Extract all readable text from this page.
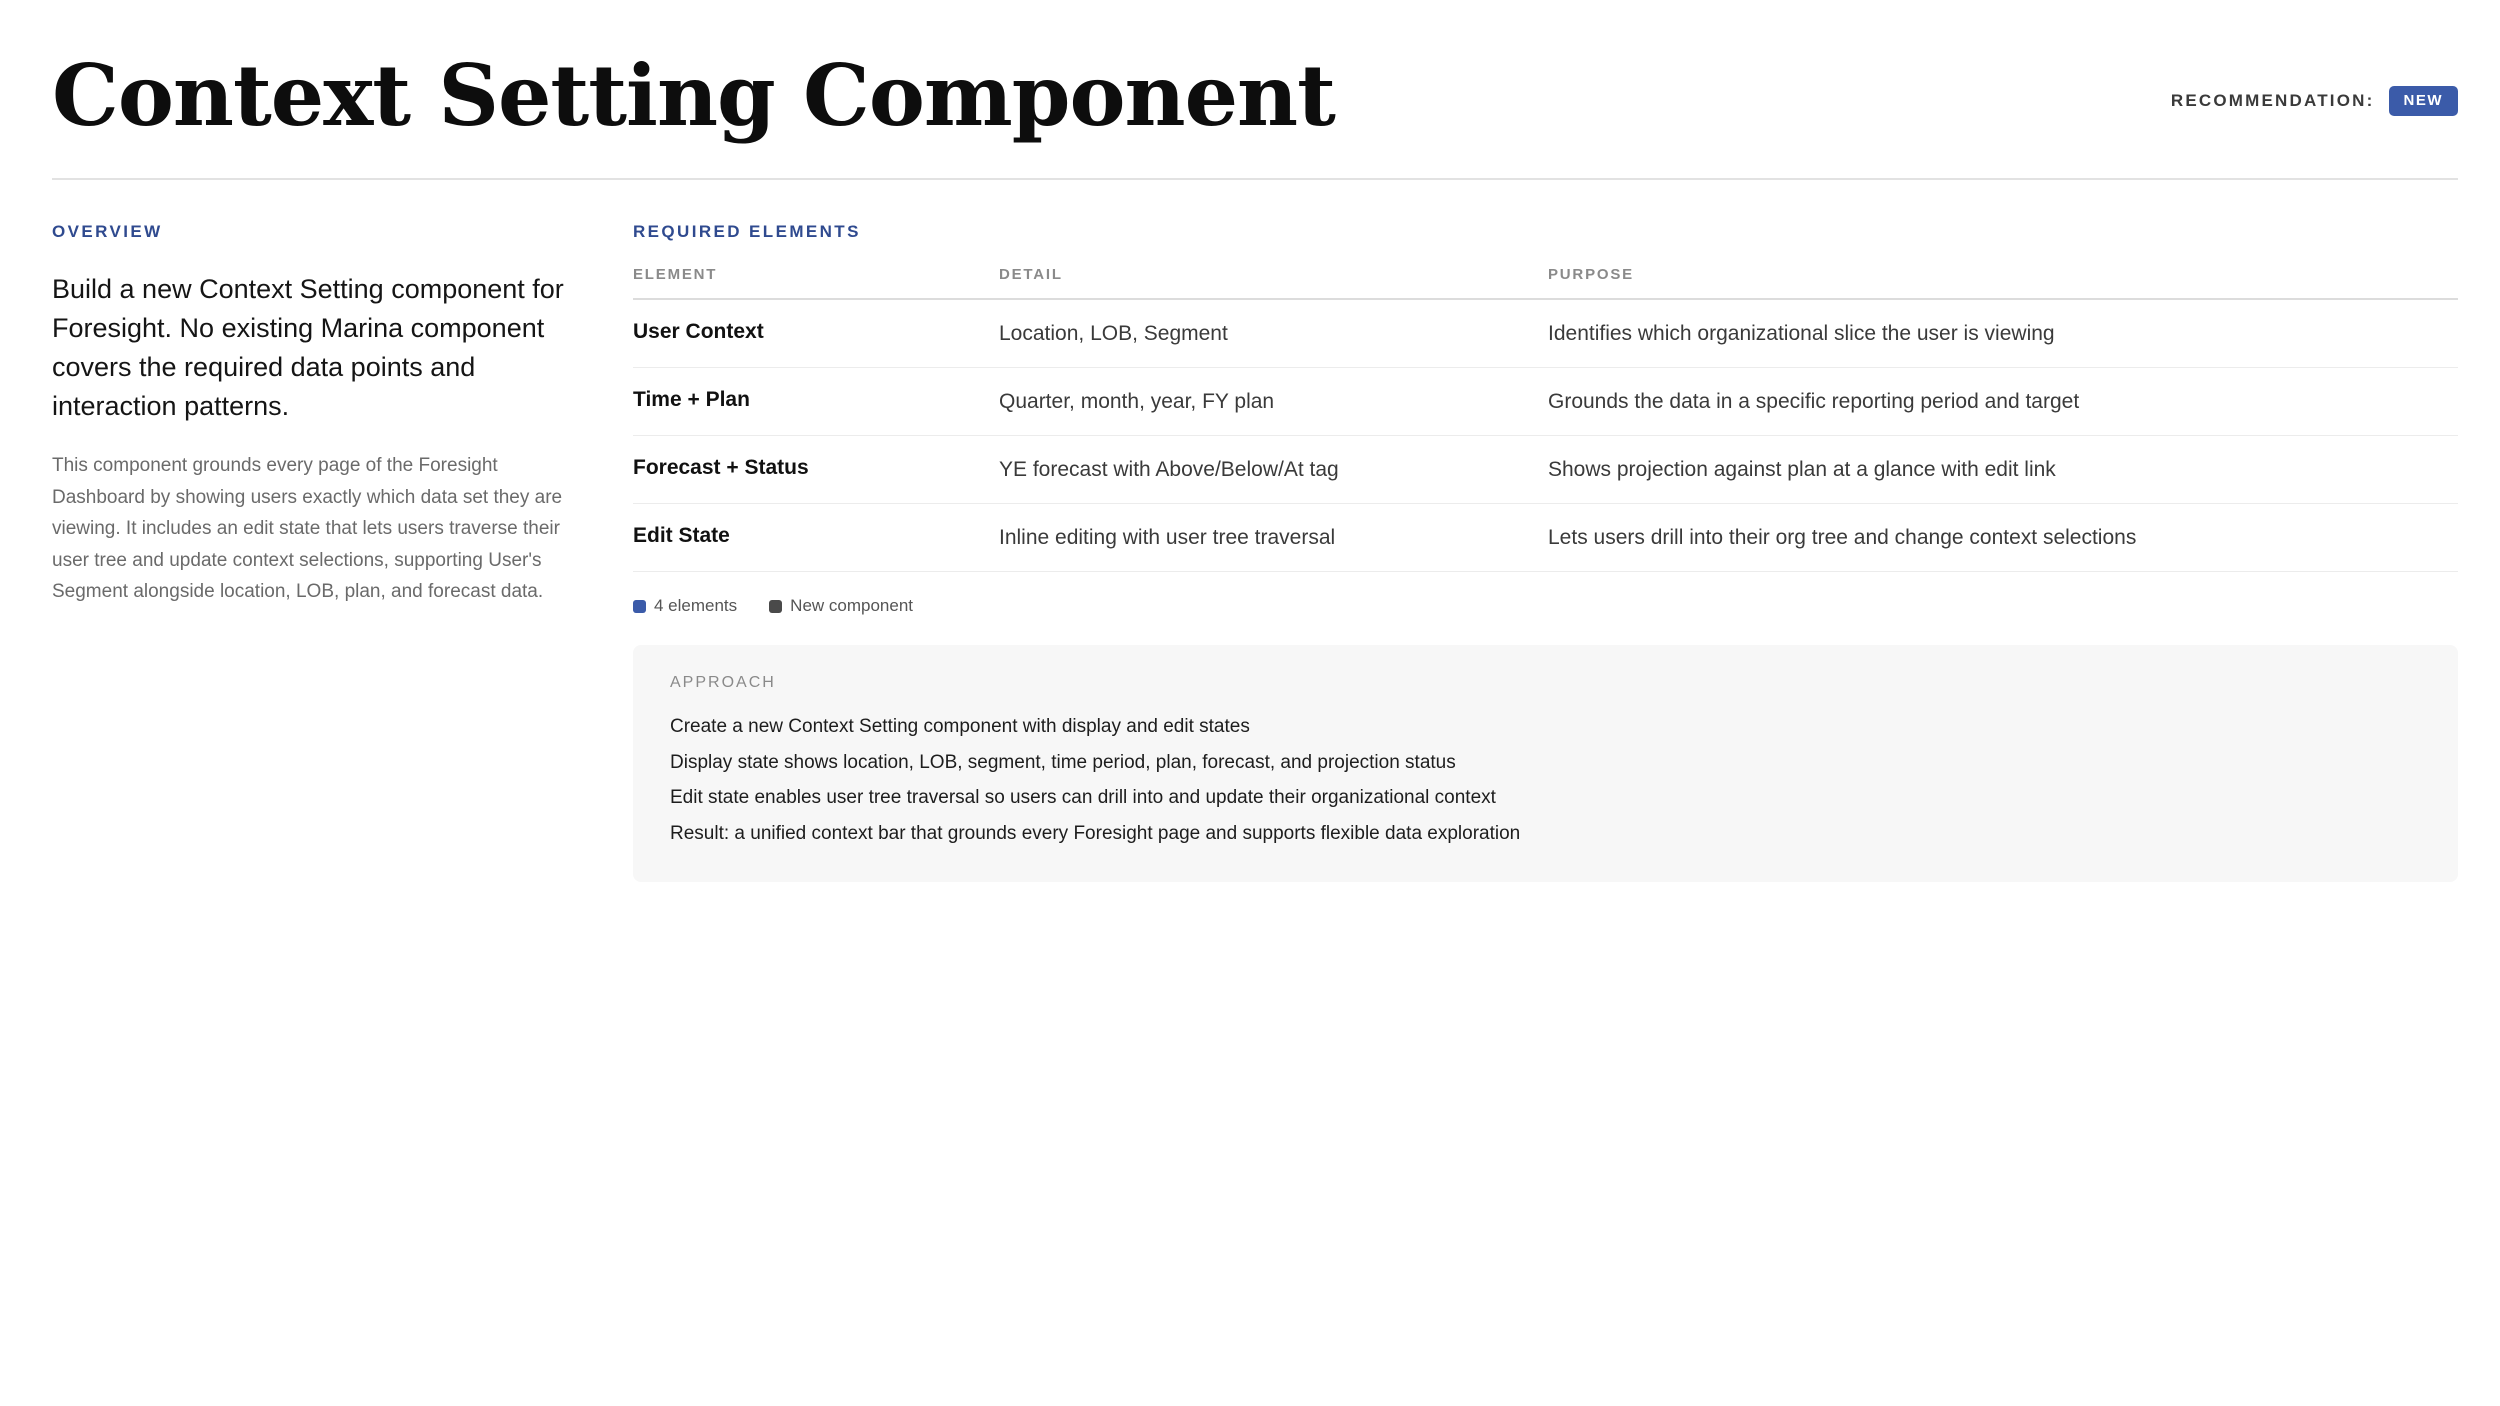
Context Setting Component	RECOMMENDATION:	NEW
OVERVIEW

Build a new Context Setting component for Foresight. No existing Marina component covers the required data points and interaction patterns.

This component grounds every page of the Foresight Dashboard by showing users exactly which data set they are viewing. It includes an edit state that lets users traverse their user tree and update context selections, supporting User's Segment alongside location, LOB, plan, and forecast data.

REQUIRED ELEMENTS
ELEMENT	DETAIL	PURPOSE
User Context	Location, LOB, Segment	Identifies which organizational slice the user is viewing
Time + Plan	Quarter, month, year, FY plan	Grounds the data in a specific reporting period and target
Forecast + Status	YE forecast with Above/Below/At tag	Shows projection against plan at a glance with edit link
Edit State	Inline editing with user tree traversal	Lets users drill into their org tree and change context selections
4 elements	New component
APPROACH
Create a new Context Setting component with display and edit states
Display state shows location, LOB, segment, time period, plan, forecast, and projection status
Edit state enables user tree traversal so users can drill into and update their organizational context
Result: a unified context bar that grounds every Foresight page and supports flexible data exploration
